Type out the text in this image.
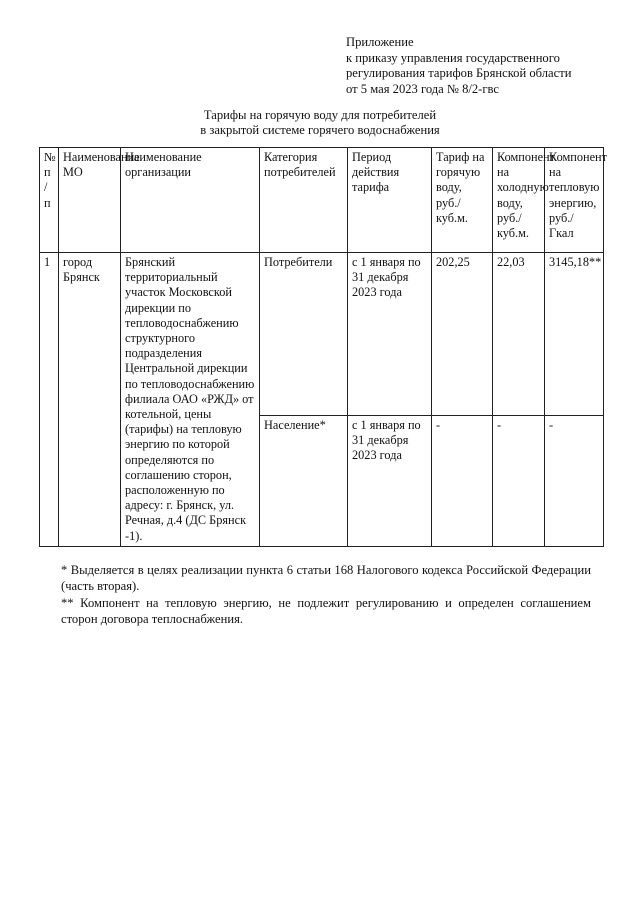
Приложение
к приказу управления государственного
регулирования тарифов Брянской области
от 5 мая 2023 года № 8/2-гвс
Тарифы на горячую воду для потребителей
в закрытой системе горячего водоснабжения
№ п / п	Наименование МО	Наименование организации	Категория потребителей	Период действия тарифа	Тариф на горячую воду, руб./ куб.м.	Компонент на холодную воду, руб./ куб.м.	Компонент на тепловую энергию, руб./ Гкал
1	город Брянск	Брянский территориальный участок Московской дирекции по тепловодоснабжению структурного подразделения Центральной дирекции по тепловодоснабжению филиала ОАО «РЖД» от котельной, цены (тарифы) на тепловую энергию по которой определяются по соглашению сторон, расположенную по адресу: г. Брянск, ул. Речная, д.4 (ДС Брянск -1).	Потребители	с 1 января по 31 декабря 2023 года	202,25	22,03	3145,18**
			Население*	с 1 января по 31 декабря 2023 года	-	-	-

* Выделяется в целях реализации пункта 6 статьи 168 Налогового кодекса Российской Федерации (часть вторая).

** Компонент на тепловую энергию, не подлежит регулированию и определен соглашением сторон договора теплоснабжения.
